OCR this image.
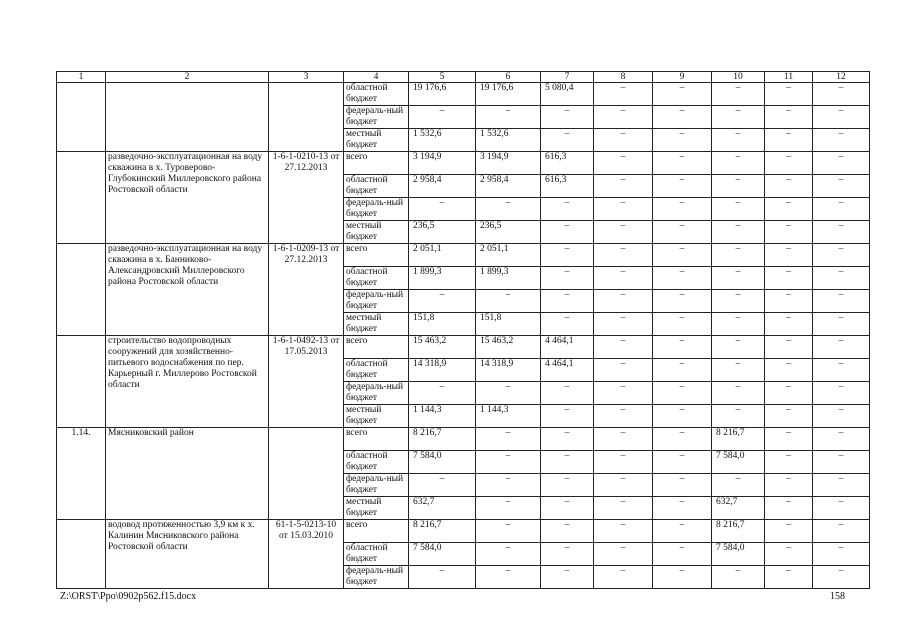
1	2	3	4	5	6	7	8	9	10	11	12
			областной бюджет	19 176,6	19 176,6	5 080,4	–	–	–	–	–
			федераль-ный бюджет	–	–	–	–	–	–	–	–
			местный бюджет	1 532,6	1 532,6	–	–	–	–	–	–
	разведочно-эксплуатационная на воду скважина в х. Туроверово-Глубокинский Миллеровского района Ростовской области	1-6-1-0210-13 от 27.12.2013	всего	3 194,9	3 194,9	616,3	–	–	–	–	–
			областной бюджет	2 958,4	2 958,4	616,3	–	–	–	–	–
			федераль-ный бюджет	–	–	–	–	–	–	–	–
			местный бюджет	236,5	236,5	–	–	–	–	–	–
	разведочно-эксплуатационная на воду скважина в х. Банниково-Александровский Миллеровского района Ростовской области	1-6-1-0209-13 от 27.12.2013	всего	2 051,1	2 051,1	–	–	–	–	–	–
			областной бюджет	1 899,3	1 899,3	–	–	–	–	–	–
			федераль-ный бюджет	–	–	–	–	–	–	–	–
			местный бюджет	151,8	151,8	–	–	–	–	–	–
	строительство водопроводных сооружений для хозяйственно-питьевого водоснабжения по пер. Карьерный г. Миллерово Ростовской области	1-6-1-0492-13 от 17.05.2013	всего	15 463,2	15 463,2	4 464,1	–	–	–	–	–
			областной бюджет	14 318,9	14 318,9	4 464,1	–	–	–	–	–
			федераль-ный бюджет	–	–	–	–	–	–	–	–
			местный бюджет	1 144,3	1 144,3	–	–	–	–	–	–
1.14.	Мясниковский район		всего	8 216,7	–	–	–	–	8 216,7	–	–
			областной бюджет	7 584,0	–	–	–	–	7 584,0	–	–
			федераль-ный бюджет	–	–	–	–	–	–	–	–
			местный бюджет	632,7	–	–	–	–	632,7	–	–
	водовод протяженностью 3,9 км к х. Калинин Мясниковского района Ростовской области	61-1-5-0213-10 от 15.03.2010	всего	8 216,7	–	–	–	–	8 216,7	–	–
			областной бюджет	7 584,0	–	–	–	–	7 584,0	–	–
			федераль-ный бюджет	–	–	–	–	–	–	–	–
Z:\ORST\Ppo\0902p562.f15.docx	158
